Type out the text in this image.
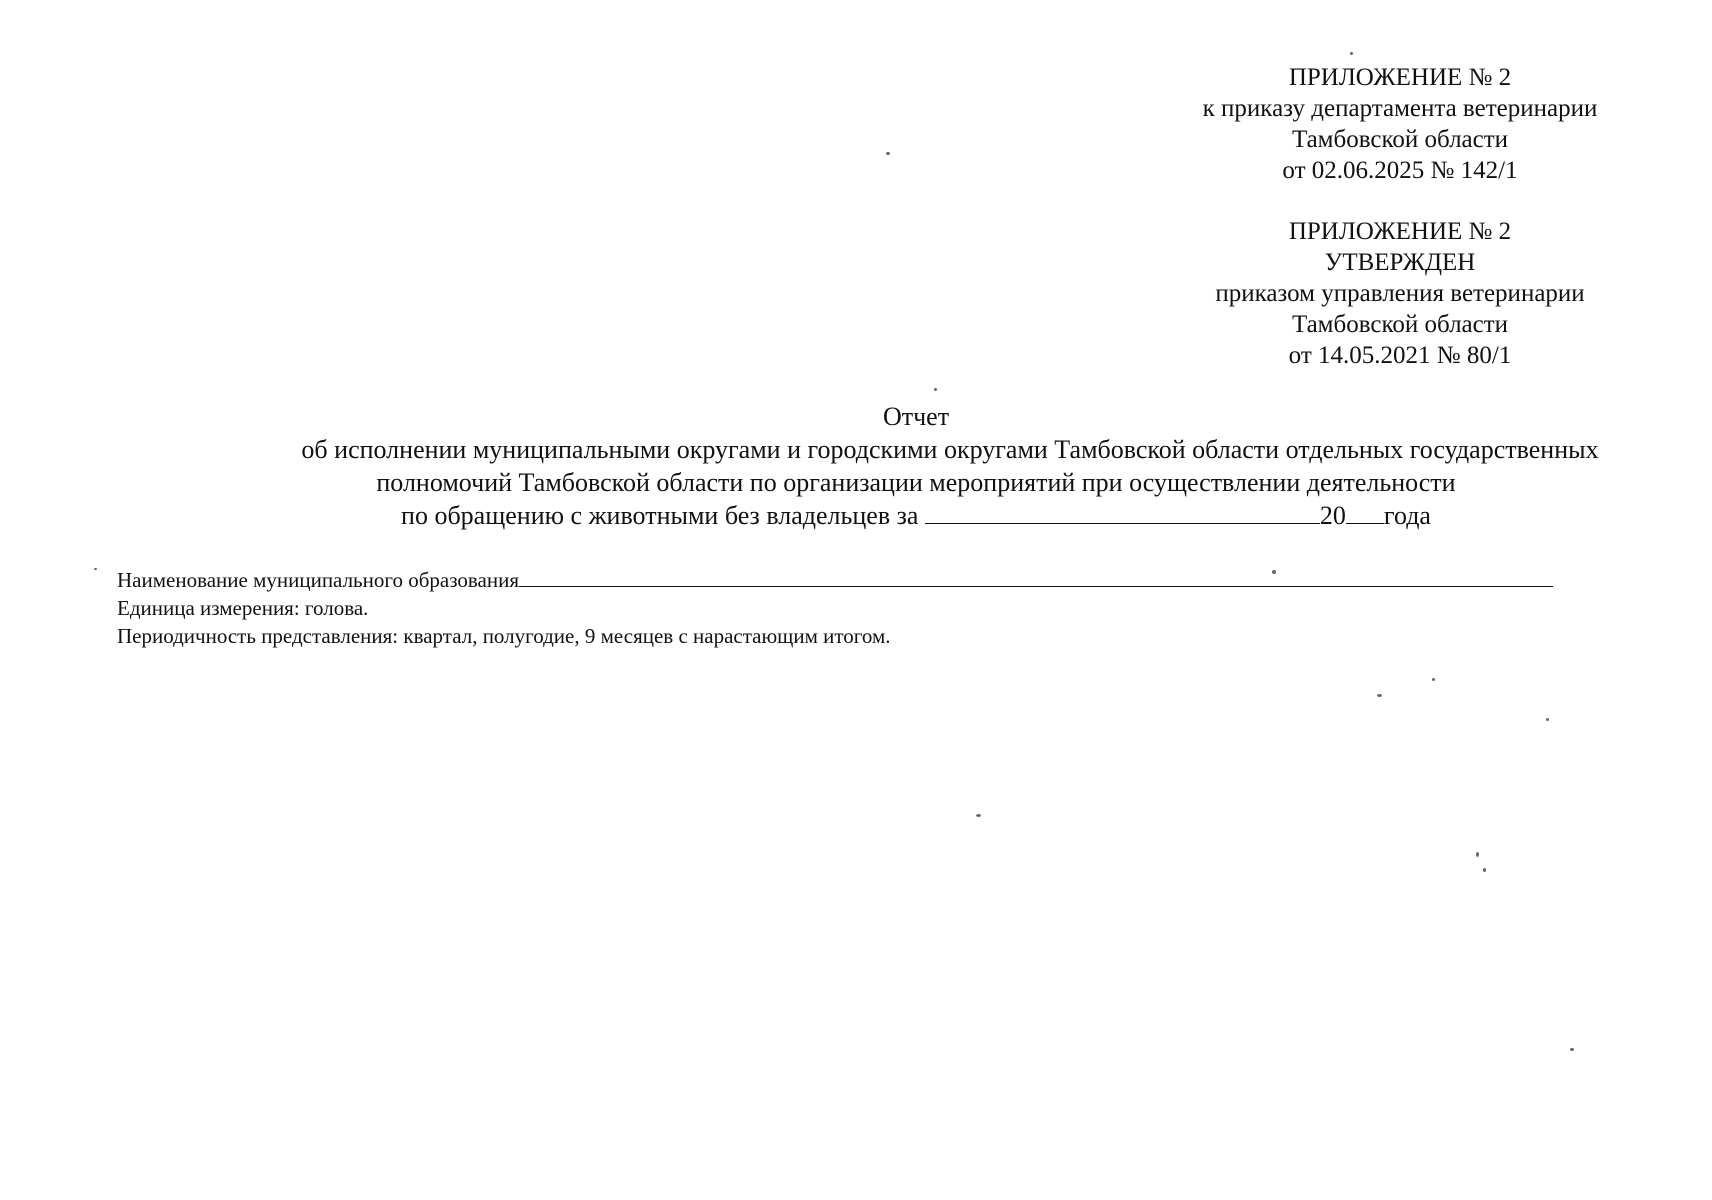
ПРИЛОЖЕНИЕ № 2
к приказу департамента ветеринарии
Тамбовской области
от 02.06.2025 № 142/1
ПРИЛОЖЕНИЕ № 2
УТВЕРЖДЕН
приказом управления ветеринарии
Тамбовской области
от 14.05.2021 № 80/1
Отчет
об исполнении муниципальными округами и городскими округами Тамбовской области отдельных государственных
полномочий Тамбовской области по организации мероприятий при осуществлении деятельности
по обращению с животными без владельцев за	20 года
Наименование муниципального образования
Единица измерения: голова.
Периодичность представления: квартал, полугодие, 9 месяцев с нарастающим итогом.
